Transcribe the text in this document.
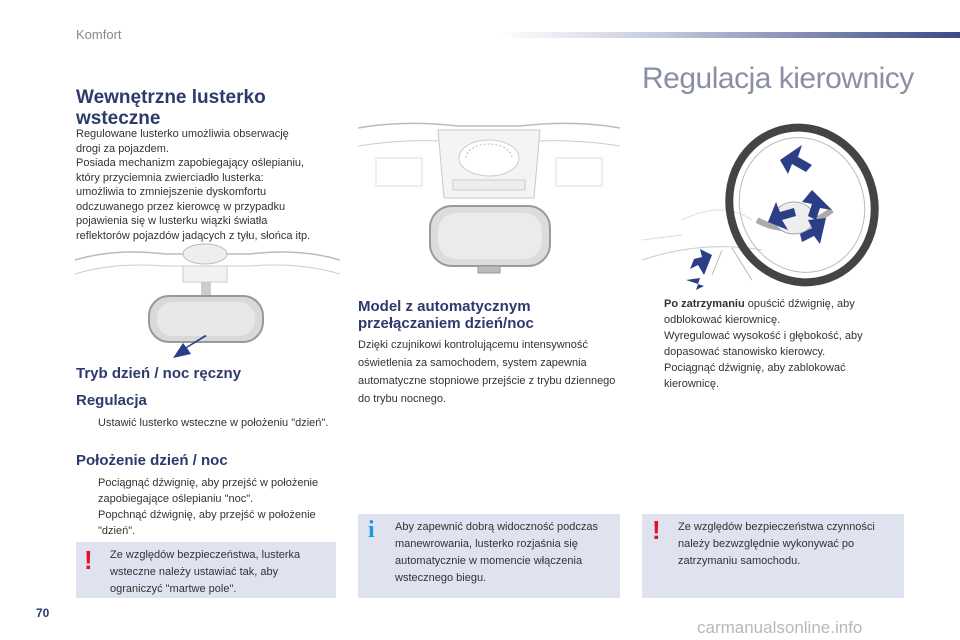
Komfort
Regulacja kierownicy
Wewnętrzne lusterko wsteczne
Regulowane lusterko umożliwia obserwację
drogi za pojazdem.
Posiada mechanizm zapobiegający oślepianiu,
który przyciemnia zwierciadło lusterka:
umożliwia to zmniejszenie dyskomfortu
odczuwanego przez kierowcę w przypadku
pojawienia się w lusterku wiązki światła
reflektorów pojazdów jadących z tyłu, słońca itp.
Tryb dzień / noc ręczny
Regulacja
Ustawić lusterko wsteczne w położeniu "dzień".
Położenie dzień / noc
Pociągnąć dźwignię, aby przejść w położenie zapobiegające oślepianiu "noc".
Popchnąć dźwignię, aby przejść w położenie "dzień".
! Ze względów bezpieczeństwa, lusterka wsteczne należy ustawiać tak, aby ograniczyć "martwe pole".
Model z automatycznym przełączaniem dzień/noc
Dzięki czujnikowi kontrolującemu intensywność oświetlenia za samochodem, system zapewnia automatyczne stopniowe przejście z trybu dziennego do trybu nocnego.
i Aby zapewnić dobrą widoczność podczas manewrowania, lusterko rozjaśnia się automatycznie w momencie włączenia wstecznego biegu.
Po zatrzymaniu opuścić dźwignię, aby odblokować kierownicę.
Wyregulować wysokość i głębokość, aby dopasować stanowisko kierowcy.
Pociągnąć dźwignię, aby zablokować kierownicę.
! Ze względów bezpieczeństwa czynności należy bezwzględnie wykonywać po zatrzymaniu samochodu.
70
carmanualsonline.info
